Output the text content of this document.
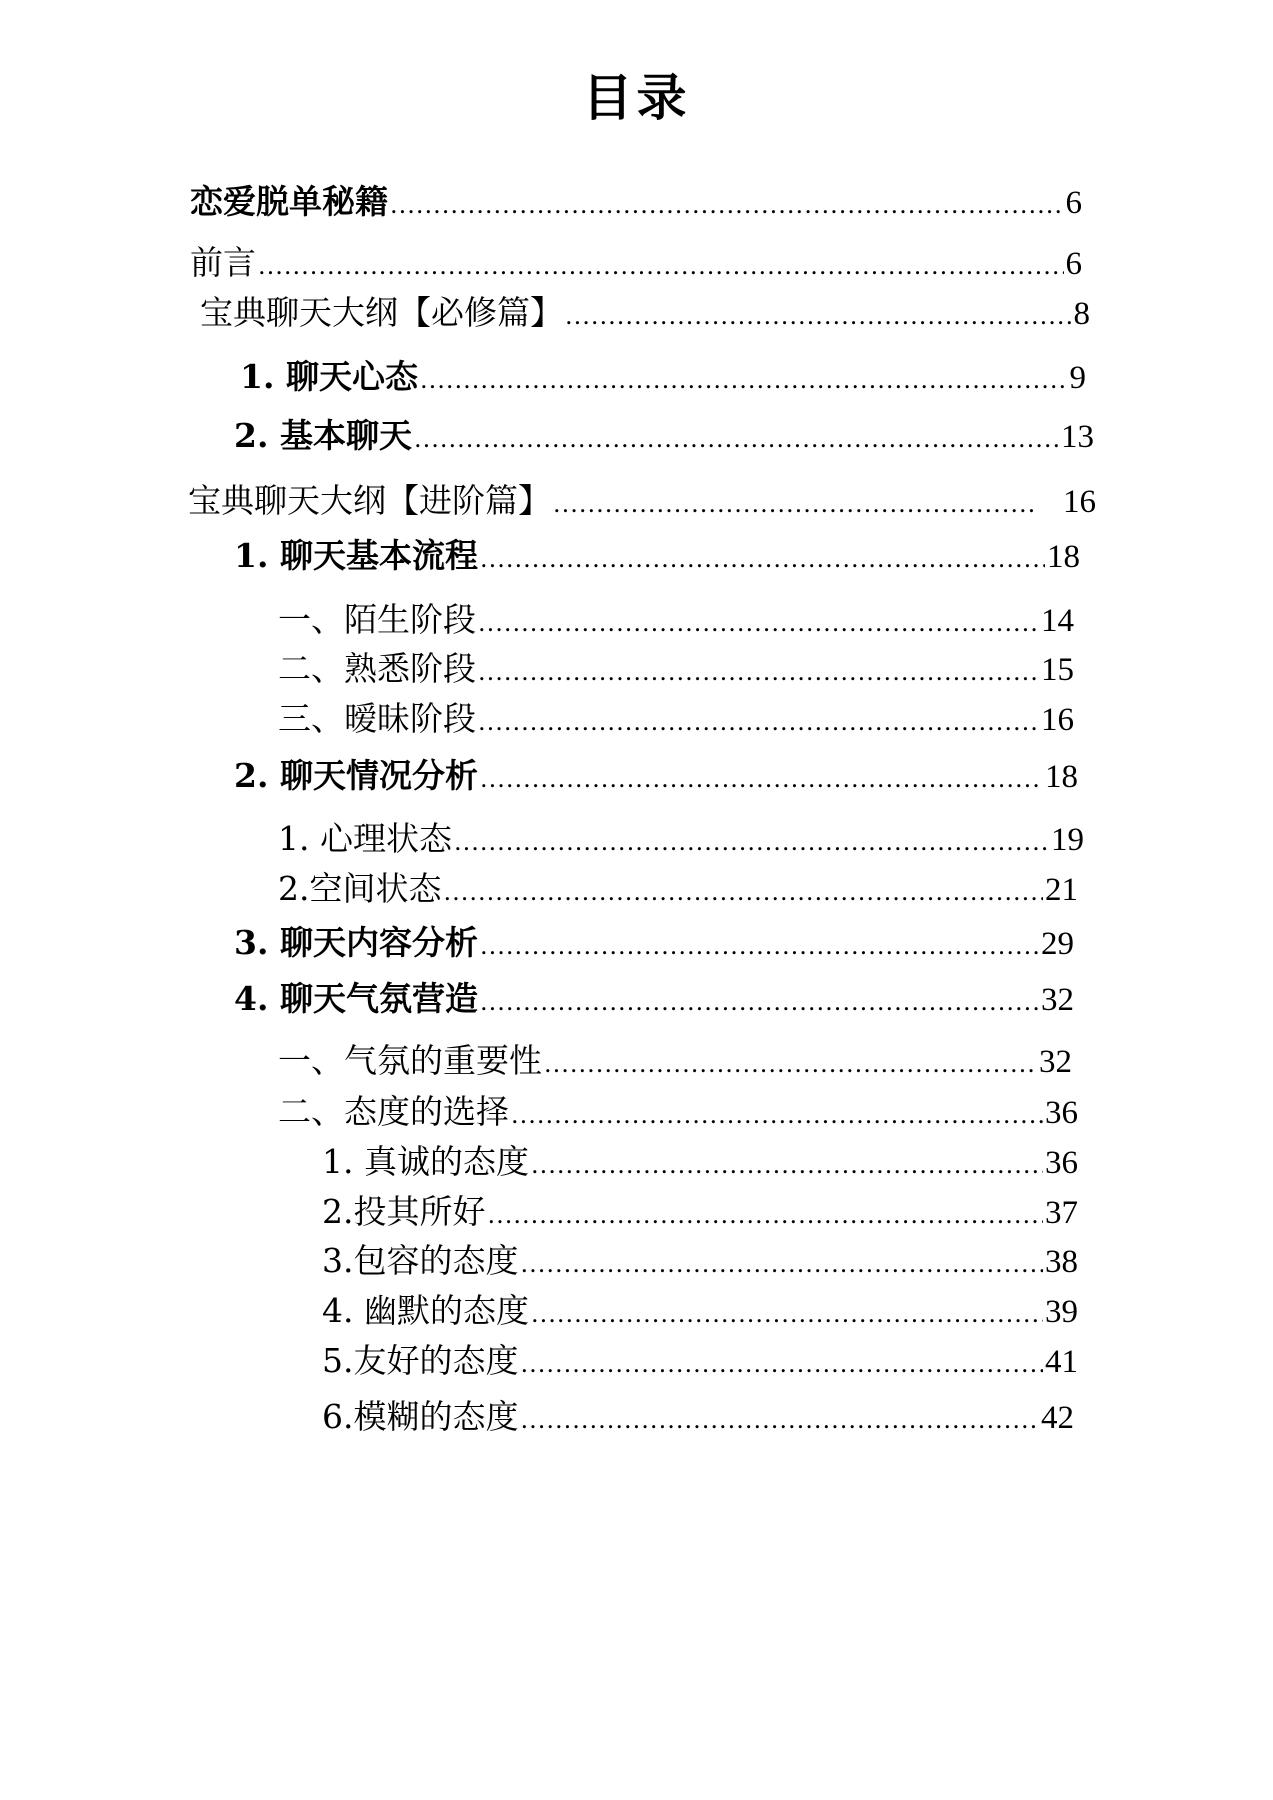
目录
恋爱脱单秘籍 .....	6
前言 .....	6
宝典聊天大纲【必修篇】 .....	8
1. 聊天心态 .....	9
2. 基本聊天 .....	13
宝典聊天大纲【进阶篇】 .....	16
1. 聊天基本流程 .....	18
一、陌生阶段 .....	14
二、熟悉阶段 .....	15
三、暧昧阶段 .....	16
2. 聊天情况分析 .....	18
1. 心理状态 .....	19
2.空间状态 .....	21
3. 聊天内容分析 .....	29
4. 聊天气氛营造 .....	32
一、气氛的重要性 .....	32
二、态度的选择 .....	36
1. 真诚的态度 .....	36
2.投其所好 .....	37
3.包容的态度 .....	38
4. 幽默的态度 .....	39
5.友好的态度 .....	41
6.模糊的态度 .....	42
